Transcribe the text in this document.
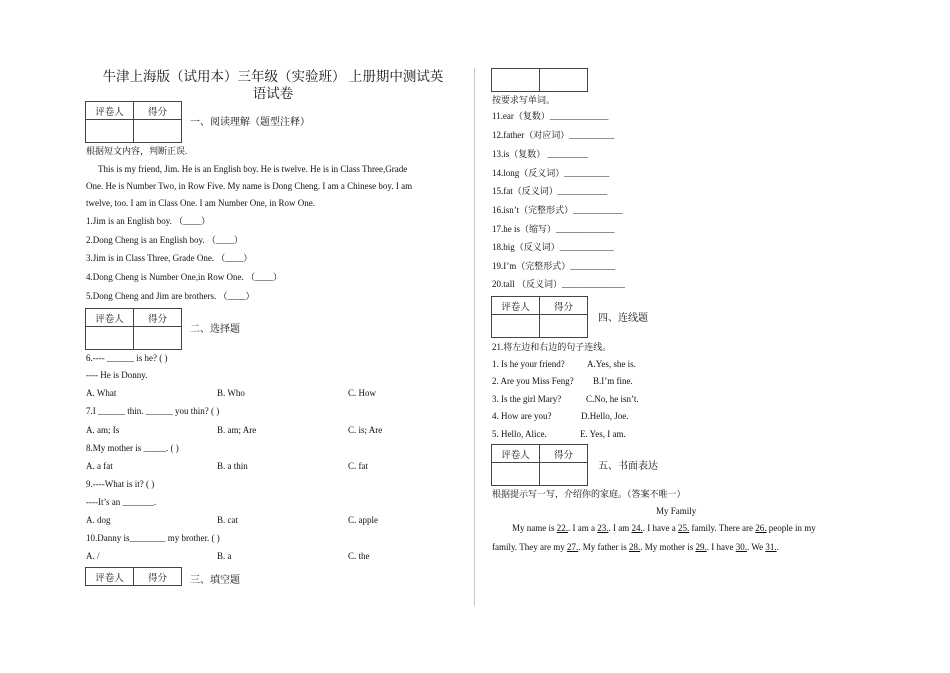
牛津上海版（试用本）三年级（实验班） 上册期中测试英
语试卷
评卷人	得分

一、阅读理解（题型注释）
根据短文内容，判断正误.
This is my friend, Jim. He is an English boy. He is twelve. He is in Class Three,Grade
One. He is Number Two, in Row Five. My name is Dong Cheng. I am a Chinese boy. I am
twelve, too. I am in Class One. I am Number One, in Row One.
1.Jim is an English boy. （____）
2.Dong Cheng is an English boy. （____）
3.Jim is in Class Three, Grade One. （____）
4.Dong Cheng is Number One,in Row One. （____）
5.Dong Cheng and Jim are brothers. （____）
评卷人	得分

二、选择题
6.---- ______ is he? ( )
---- He is Donny.
A. What	B. Who	C. How
7.I ______ thin. ______ you thin? ( )
A. am; Is	B. am; Are	C. is; Are
8.My mother is _____. ( )
A. a fat	B. a thin	C. fat
9.----What is it? ( )
----It’s an _______.
A. dog	B. cat	C. apple
10.Danny is________ my brother. ( )
A. /	B. a	C. the
评卷人	得分 三、填空题

按要求写单词。
11.ear（复数）_____________
12.father（对应词）__________
13.is（复数） _________
14.long（反义词）__________
15.fat（反义词）___________
16.isn’t（完整形式）___________
17.he is（缩写）_____________
18.big（反义词）____________
19.I’m（完整形式）__________
20.tall （反义词）______________
评卷人	得分

四、连线题
21.将左边和右边的句子连线。
1. Is he your friend? A.Yes, she is.
2. Are you Miss Feng? B.I’m fine.
3. Is the girl Mary?	C.No, he isn’t.
4. How are you?	D.Hello, Joe.
5. Hello, Alice.	E. Yes, I am.
评卷人	得分

五、书面表达
根据提示写一写，介绍你的家庭。（答案不唯一）
My Family
My name is 22.. I am a 23.. I am 24.. I have a 25. family. There are 26. people in my
family. They are my 27.. My father is 28.. My mother is 29.. I have 30.. We 31..
